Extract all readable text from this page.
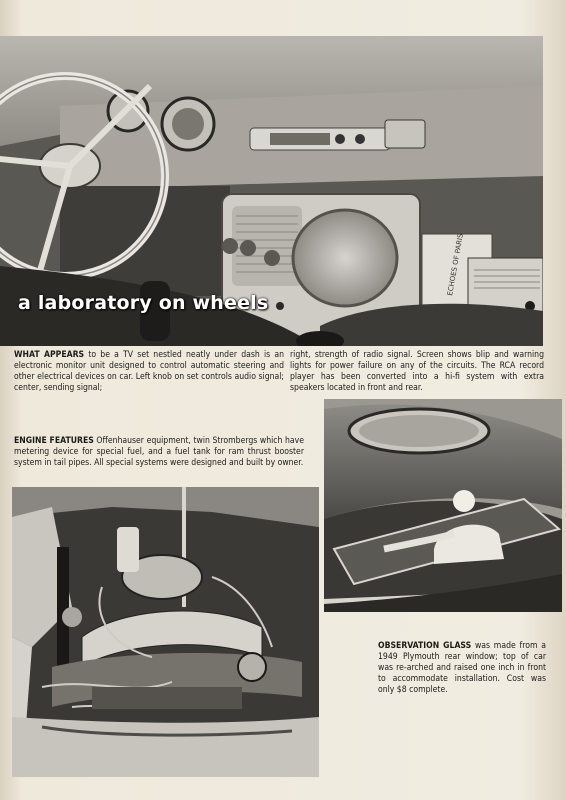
ECHOES OF PARIS
a laboratory on wheels
WHAT APPEARS to be a TV set nestled neatly under dash is an electronic monitor unit designed to control automatic steering and other electrical devices on car. Left knob on set controls audio signal; center, sending signal;
right, strength of radio signal. Screen shows blip and warning lights for power failure on any of the circuits. The RCA record player has been converted into a hi-fi system with extra speakers located in front and rear.
ENGINE FEATURES Offenhauser equipment, twin Strombergs which have metering device for special fuel, and a fuel tank for ram thrust booster system in tail pipes. All special systems were designed and built by owner.
OBSERVATION GLASS was made from a 1949 Plymouth rear window; top of car was re-arched and raised one inch in front to accommodate installation. Cost was only $8 complete.
